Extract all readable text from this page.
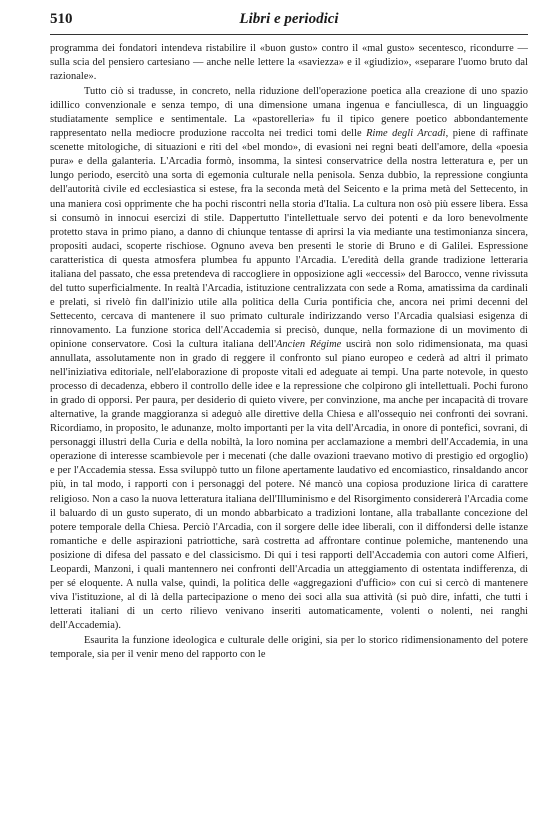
510	Libri e periodici

programma dei fondatori intendeva ristabilire il «buon gusto» contro il «mal gusto» secentesco, ricondurre — sulla scia del pensiero cartesiano — anche nelle lettere la «saviezza» e il «giudizio», «separare l'uomo bruto dal razionale».

Tutto ciò si tradusse, in concreto, nella riduzione dell'operazione poetica alla creazione di uno spazio idillico convenzionale e senza tempo, di una dimensione umana ingenua e fanciullesca, di un linguaggio studiatamente semplice e sentimentale. La «pastorelleria» fu il tipico genere poetico abbondantemente rappresentato nella mediocre produzione raccolta nei tredici tomi delle Rime degli Arcadi, piene di raffinate scenette mitologiche, di situazioni e riti del «bel mondo», di evasioni nei regni beati dell'amore, della «poesia pura» e della galanteria. L'Arcadia formò, insomma, la sintesi conservatrice della nostra letteratura e, per un lungo periodo, esercitò una sorta di egemonia culturale nella penisola. Senza dubbio, la repressione congiunta dell'autorità civile ed ecclesiastica si estese, fra la seconda metà del Seicento e la prima metà del Settecento, in una maniera così opprimente che ha pochi riscontri nella storia d'Italia. La cultura non osò più essere libera. Essa si consumò in innocui esercizi di stile. Dappertutto l'intellettuale servo dei potenti e da loro benevolmente protetto stava in primo piano, a danno di chiunque tentasse di aprirsi la via mediante una testimonianza sincera, propositi audaci, scoperte rischiose. Ognuno aveva ben presenti le storie di Bruno e di Galilei. Espressione caratteristica di questa atmosfera plumbea fu appunto l'Arcadia. L'eredità della grande tradizione letteraria italiana del passato, che essa pretendeva di raccogliere in opposizione agli «eccessi» del Barocco, venne rivissuta del tutto superficialmente. In realtà l'Arcadia, istituzione centralizzata con sede a Roma, amatissima da cardinali e prelati, si rivelò fin dall'inizio utile alla politica della Curia pontificia che, ancora nei primi decenni del Settecento, cercava di mantenere il suo primato culturale indirizzando verso l'Arcadia qualsiasi esigenza di rinnovamento. La funzione storica dell'Accademia si precisò, dunque, nella formazione di un movimento di opinione conservatore. Così la cultura italiana dell'Ancien Régime uscirà non solo ridimensionata, ma quasi annullata, assolutamente non in grado di reggere il confronto sul piano europeo e cederà ad altri il primato nell'iniziativa editoriale, nell'elaborazione di proposte vitali ed adeguate ai tempi. Una parte notevole, in questo processo di decadenza, ebbero il controllo delle idee e la repressione che colpirono gli intellettuali. Pochi furono in grado di opporsi. Per paura, per desiderio di quieto vivere, per convinzione, ma anche per incapacità di trovare alternative, la grande maggioranza si adeguò alle direttive della Chiesa e all'ossequio nei confronti dei sovrani. Ricordiamo, in proposito, le adunanze, molto importanti per la vita dell'Arcadia, in onore di pontefici, sovrani, di personaggi illustri della Curia e della nobiltà, la loro nomina per acclamazione a membri dell'Accademia, in una operazione di interesse scambievole per i mecenati (che dalle ovazioni traevano motivo di prestigio ed orgoglio) e per l'Accademia stessa. Essa sviluppò tutto un filone apertamente laudativo ed encomiastico, rinsaldando ancor più, in tal modo, i rapporti con i personaggi del potere. Né mancò una copiosa produzione lirica di carattere religioso. Non a caso la nuova letteratura italiana dell'Illuminismo e del Risorgimento considererà l'Arcadia come il baluardo di un gusto superato, di un mondo abbarbicato a tradizioni lontane, alla traballante concezione del potere temporale della Chiesa. Perciò l'Arcadia, con il sorgere delle idee liberali, con il diffondersi delle istanze romantiche e delle aspirazioni patriottiche, sarà costretta ad affrontare continue polemiche, mantenendo una posizione di difesa del passato e del classicismo. Di qui i tesi rapporti dell'Accademia con autori come Alfieri, Leopardi, Manzoni, i quali mantennero nei confronti dell'Arcadia un atteggiamento di ostentata indifferenza, di per sé eloquente. A nulla valse, quindi, la politica delle «aggregazioni d'ufficio» con cui si cercò di mantenere viva l'istituzione, al di là della partecipazione o meno dei soci alla sua attività (si può dire, infatti, che tutti i letterati italiani di un certo rilievo venivano inseriti automaticamente, volenti o nolenti, nei ranghi dell'Accademia).

Esaurita la funzione ideologica e culturale delle origini, sia per lo storico ridimensionamento del potere temporale, sia per il venir meno del rapporto con le
